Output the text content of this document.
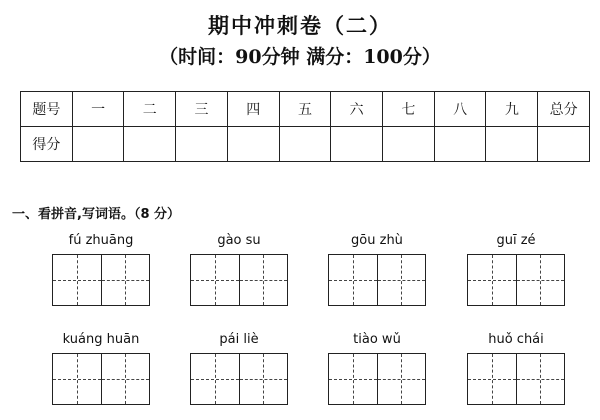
期中冲刺卷（二）
（时间：90分钟 满分：100分）
题号	一	二	三	四	五	六	七	八	九	总分
得分										
一、看拼音,写词语。（8 分）
fú zhuāng	gào su	gōu zhù	guī zé
kuáng huān	pái liè	tiào wǔ	huǒ chái
